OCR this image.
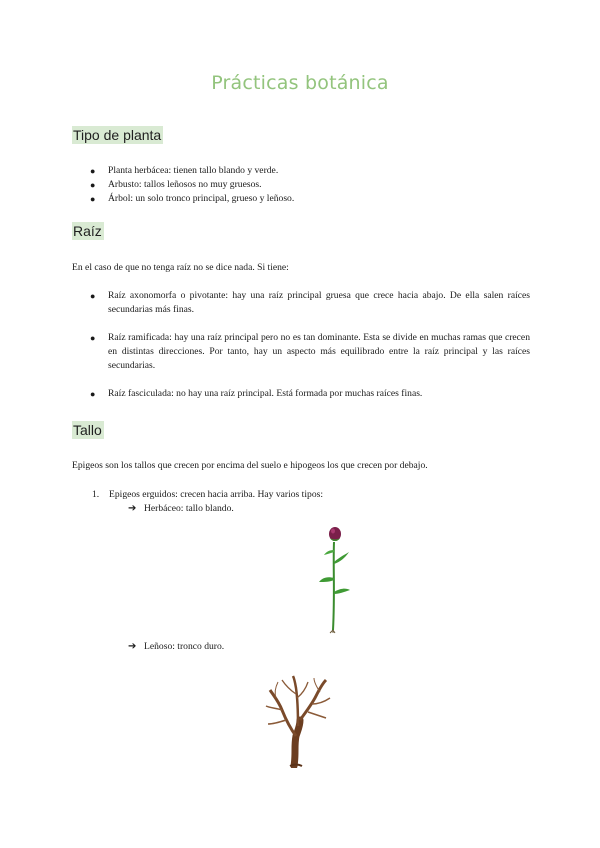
Prácticas botánica
Tipo de planta
● Planta herbácea: tienen tallo blando y verde.
● Arbusto: tallos leñosos no muy gruesos.
● Árbol: un solo tronco principal, grueso y leñoso.
Raíz
En el caso de que no tenga raíz no se dice nada. Si tiene:
● Raíz axonomorfa o pivotante: hay una raíz principal gruesa que crece hacia abajo. De ella salen raíces secundarias más finas.
● Raíz ramificada: hay una raíz principal pero no es tan dominante. Esta se divide en muchas ramas que crecen en distintas direcciones. Por tanto, hay un aspecto más equilibrado entre la raíz principal y las raíces secundarias.
● Raíz fasciculada: no hay una raíz principal. Está formada por muchas raíces finas.
Tallo
Epigeos son los tallos que crecen por encima del suelo e hipogeos los que crecen por debajo.
1. Epigeos erguidos: crecen hacia arriba. Hay varios tipos:
➔ Herbáceo: tallo blando.
➔ Leñoso: tronco duro.
